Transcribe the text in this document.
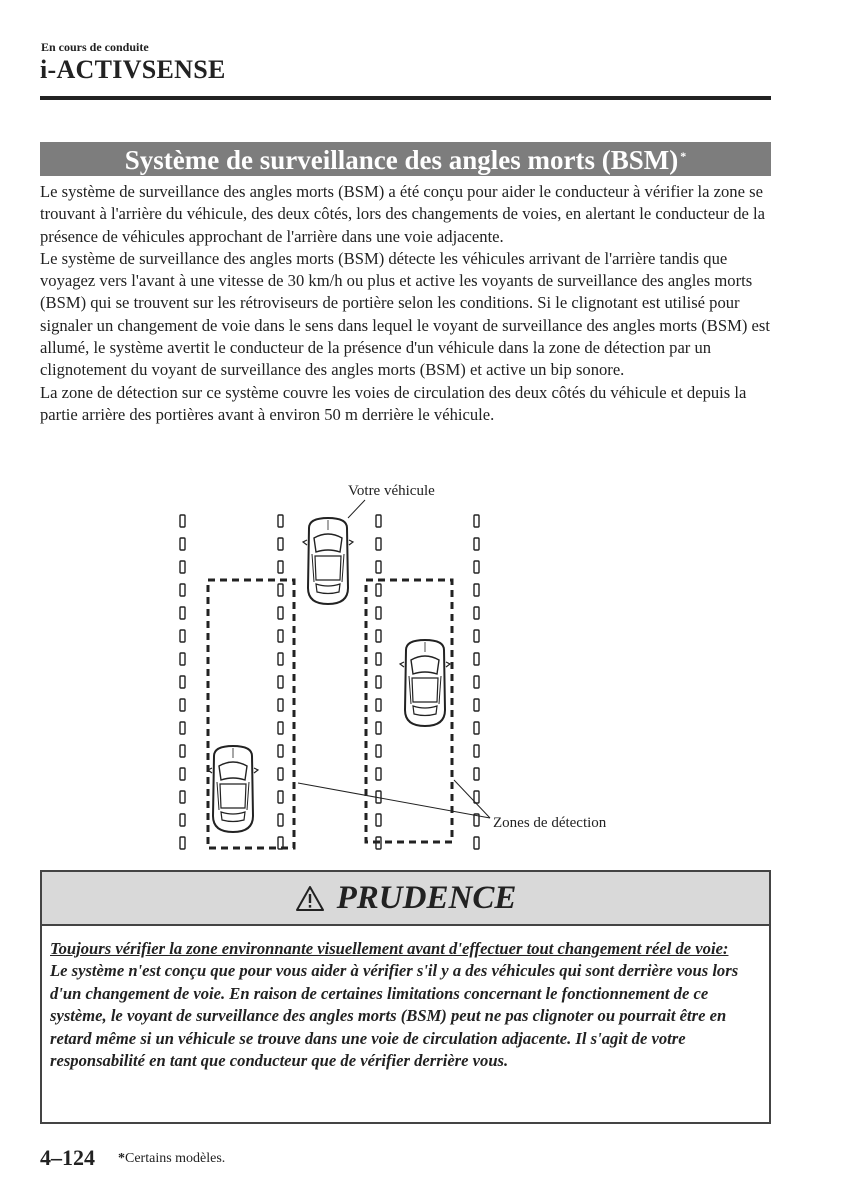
En cours de conduite
i-ACTIVSENSE
Système de surveillance des angles morts (BSM) *

Le système de surveillance des angles morts (BSM) a été conçu pour aider le conducteur à vérifier la zone se trouvant à l'arrière du véhicule, des deux côtés, lors des changements de voies, en alertant le conducteur de la présence de véhicules approchant de l'arrière dans une voie adjacente.

Le système de surveillance des angles morts (BSM) détecte les véhicules arrivant de l'arrière tandis que voyagez vers l'avant à une vitesse de 30 km/h ou plus et active les voyants de surveillance des angles morts (BSM) qui se trouvent sur les rétroviseurs de portière selon les conditions. Si le clignotant est utilisé pour signaler un changement de voie dans le sens dans lequel le voyant de surveillance des angles morts (BSM) est allumé, le système avertit le conducteur de la présence d'un véhicule dans la zone de détection par un clignotement du voyant de surveillance des angles morts (BSM) et active un bip sonore.

La zone de détection sur ce système couvre les voies de circulation des deux côtés du véhicule et depuis la partie arrière des portières avant à environ 50 m derrière le véhicule.

Votre véhicule
Zones de détection
PRUDENCE

Toujours vérifier la zone environnante visuellement avant d'effectuer tout changement réel de voie:

Le système n'est conçu que pour vous aider à vérifier s'il y a des véhicules qui sont derrière vous lors d'un changement de voie. En raison de certaines limitations concernant le fonctionnement de ce système, le voyant de surveillance des angles morts (BSM) peut ne pas clignoter ou pourrait être en retard même si un véhicule se trouve dans une voie de circulation adjacente. Il s'agit de votre responsabilité en tant que conducteur que de vérifier derrière vous.

4–124 *Certains modèles.
